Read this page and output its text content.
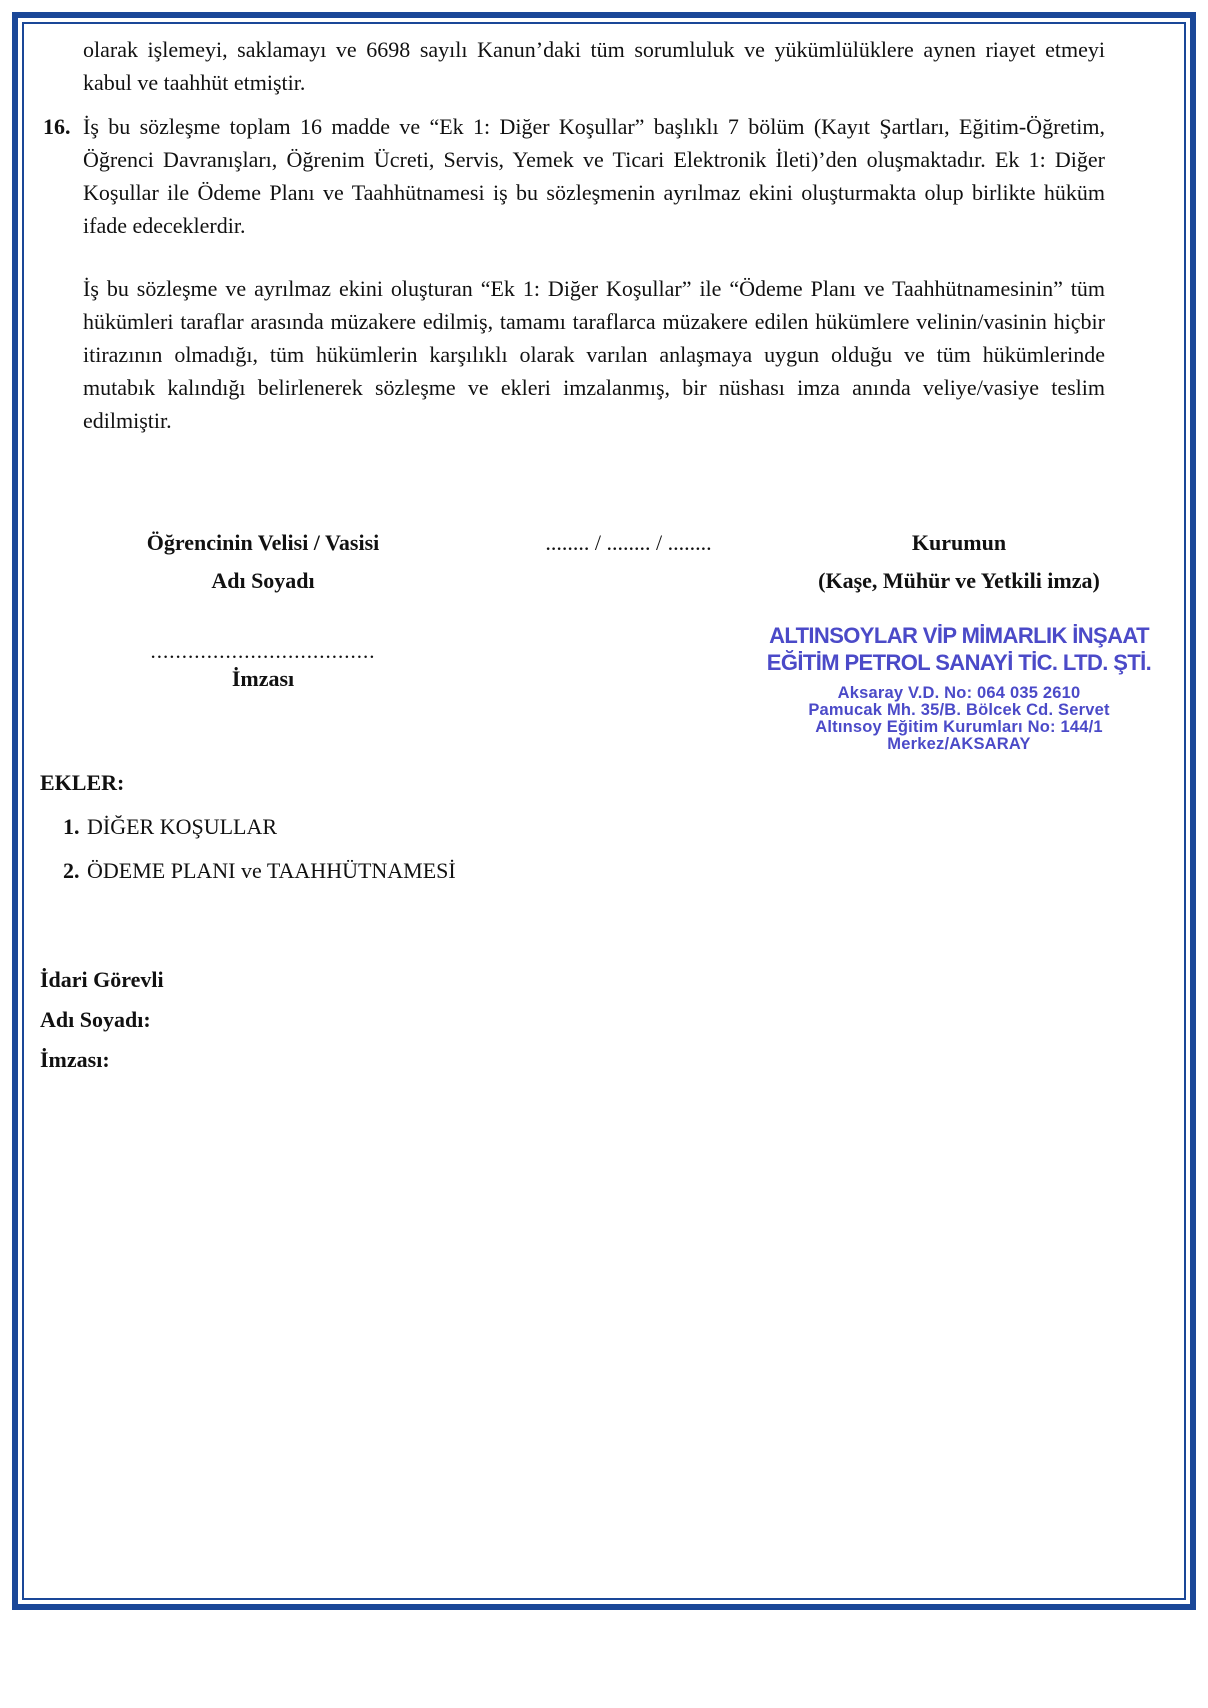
olarak işlemeyi, saklamayı ve 6698 sayılı Kanun’daki tüm sorumluluk ve yükümlülüklere aynen riayet etmeyi kabul ve taahhüt etmiştir.

16. İş bu sözleşme toplam 16 madde ve “Ek 1: Diğer Koşullar” başlıklı 7 bölüm (Kayıt Şartları, Eğitim-Öğretim, Öğrenci Davranışları, Öğrenim Ücreti, Servis, Yemek ve Ticari Elektronik İleti)’den oluşmaktadır. Ek 1: Diğer Koşullar ile Ödeme Planı ve Taahhütnamesi iş bu sözleşmenin ayrılmaz ekini oluşturmakta olup birlikte hüküm ifade edeceklerdir.

İş bu sözleşme ve ayrılmaz ekini oluşturan “Ek 1: Diğer Koşullar” ile “Ödeme Planı ve Taahhütnamesinin” tüm hükümleri taraflar arasında müzakere edilmiş, tamamı taraflarca müzakere edilen hükümlere velinin/vasinin hiçbir itirazının olmadığı, tüm hükümlerin karşılıklı olarak varılan anlaşmaya uygun olduğu ve tüm hükümlerinde mutabık kalındığı belirlenerek sözleşme ve ekleri imzalanmış, bir nüshası imza anında veliye/vasiye teslim edilmiştir.

Öğrencinin Velisi / Vasisi
Adı Soyadı
....................................
İmzası
........ / ........ / ........	Kurumun
(Kaşe, Mühür ve Yetkili imza)
ALTINSOYLAR VİP MİMARLIK İNŞAAT
EĞİTİM PETROL SANAYİ TİC. LTD. ŞTİ.
Aksaray V.D. No: 064 035 2610
Pamucak Mh. 35/B. Bölcek Cd. Servet
Altınsoy Eğitim Kurumları No: 144/1
Merkez/AKSARAY
EKLER:
1. DİĞER KOŞULLAR
2. ÖDEME PLANI ve TAAHHÜTNAMESİ
İdari Görevli
Adı Soyadı:
İmzası:
